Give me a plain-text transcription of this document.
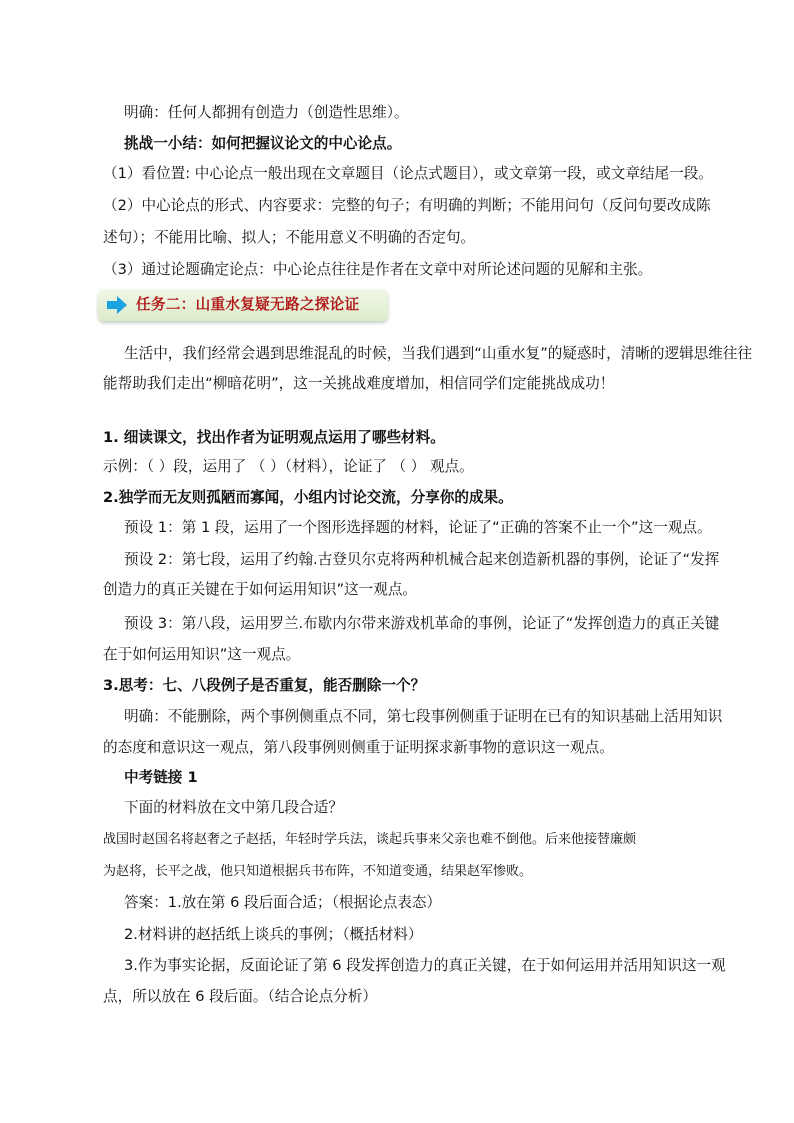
明确：任何人都拥有创造力（创造性思维）。
挑战一小结：如何把握议论文的中心论点。
（1）看位置: 中心论点一般出现在文章题目（论点式题目），或文章第一段，或文章结尾一段。
（2）中心论点的形式、内容要求：完整的句子；有明确的判断；不能用问句（反问句要改成陈
述句）；不能用比喻、拟人；不能用意义不明确的否定句。
（3）通过论题确定论点：中心论点往往是作者在文章中对所论述问题的见解和主张。
任务二：山重水复疑无路之探论证
生活中，我们经常会遇到思维混乱的时候，当我们遇到“山重水复”的疑惑时，清晰的逻辑思维往往
能帮助我们走出“柳暗花明”，这一关挑战难度增加，相信同学们定能挑战成功！
1. 细读课文，找出作者为证明观点运用了哪些材料。
示例：（ ）段，运用了 （ ）（材料），论证了 （ ） 观点。
2.独学而无友则孤陋而寡闻，小组内讨论交流，分享你的成果。
预设 1：第 1 段，运用了一个图形选择题的材料，论证了“正确的答案不止一个”这一观点。
预设 2：第七段，运用了约翰.古登贝尔克将两种机械合起来创造新机器的事例，论证了“发挥
创造力的真正关键在于如何运用知识”这一观点。
预设 3：第八段，运用罗兰.布歇内尔带来游戏机革命的事例，论证了“发挥创造力的真正关键
在于如何运用知识”这一观点。
3.思考：七、八段例子是否重复，能否删除一个？
明确：不能删除，两个事例侧重点不同，第七段事例侧重于证明在已有的知识基础上活用知识
的态度和意识这一观点，第八段事例则侧重于证明探求新事物的意识这一观点。
中考链接 1
下面的材料放在文中第几段合适？
战国时赵国名将赵奢之子赵括，年轻时学兵法，谈起兵事来父亲也难不倒他。后来他接替廉颇
为赵将，长平之战，他只知道根据兵书布阵，不知道变通，结果赵军惨败。
答案：1.放在第 6 段后面合适；（根据论点表态）
2.材料讲的赵括纸上谈兵的事例；（概括材料）
3.作为事实论据，反面论证了第 6 段发挥创造力的真正关键，在于如何运用并活用知识这一观
点，所以放在 6 段后面。（结合论点分析）
